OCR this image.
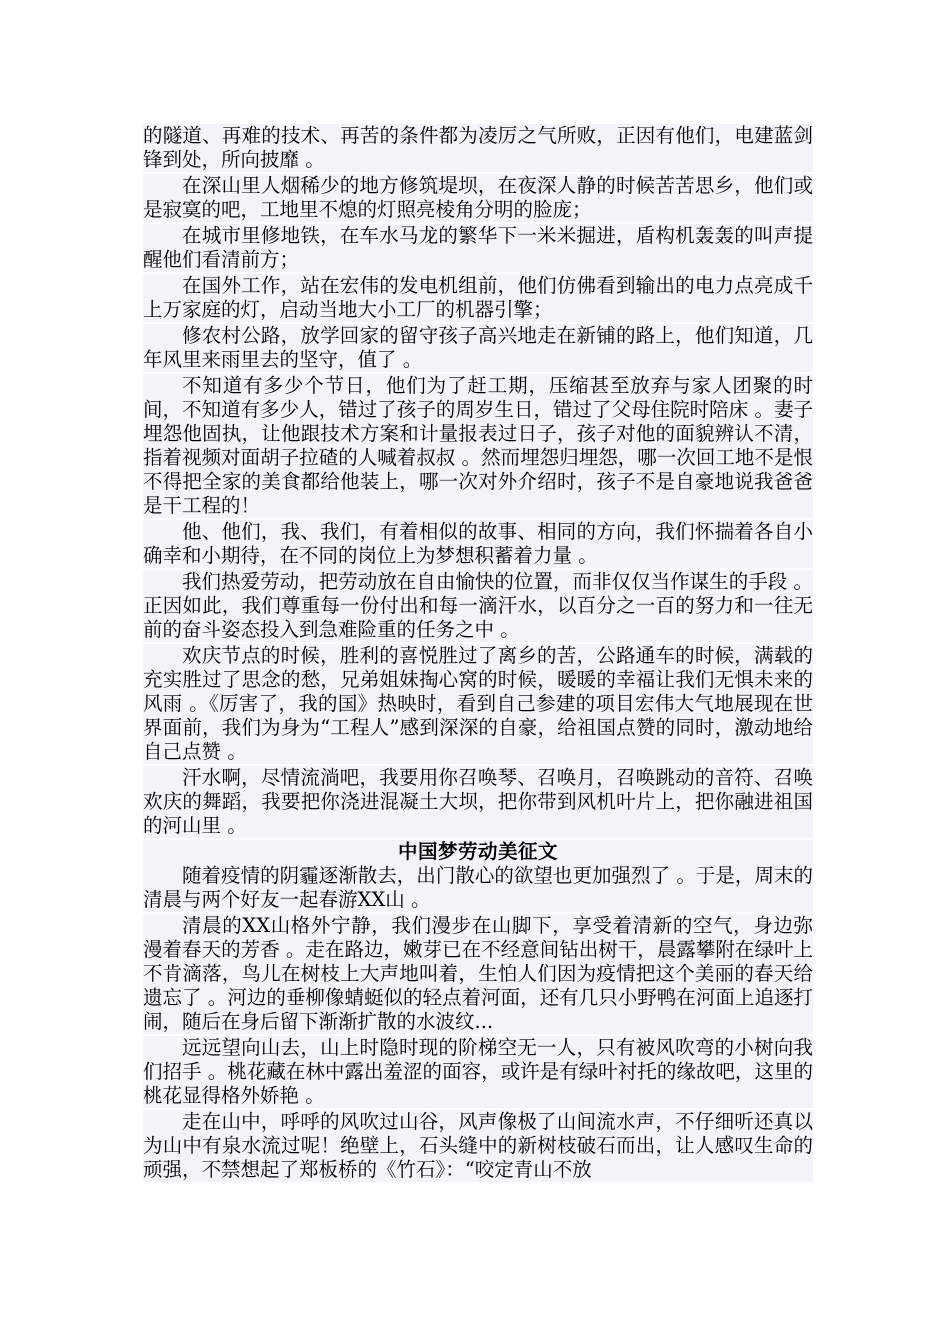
的隧道、再难的技术、再苦的条件都为凌厉之气所败，正因有他们，电建蓝剑锋到处，所向披靡 。

在深山里人烟稀少的地方修筑堤坝，在夜深人静的时候苦苦思乡，他们或是寂寞的吧，工地里不熄的灯照亮棱角分明的脸庞；

在城市里修地铁，在车水马龙的繁华下一米米掘进，盾构机轰轰的叫声提醒他们看清前方；

在国外工作，站在宏伟的发电机组前，他们仿佛看到输出的电力点亮成千上万家庭的灯，启动当地大小工厂的机器引擎；

修农村公路，放学回家的留守孩子高兴地走在新铺的路上，他们知道，几年风里来雨里去的坚守，值了 。

不知道有多少个节日，他们为了赶工期，压缩甚至放弃与家人团聚的时间，不知道有多少人，错过了孩子的周岁生日，错过了父母住院时陪床 。妻子埋怨他固执，让他跟技术方案和计量报表过日子，孩子对他的面貌辨认不清，指着视频对面胡子拉碴的人喊着叔叔 。然而埋怨归埋怨，哪一次回工地不是恨不得把全家的美食都给他装上，哪一次对外介绍时，孩子不是自豪地说我爸爸是干工程的！

他、他们，我、我们，有着相似的故事、相同的方向，我们怀揣着各自小确幸和小期待，在不同的岗位上为梦想积蓄着力量 。

我们热爱劳动，把劳动放在自由愉快的位置，而非仅仅当作谋生的手段 。正因如此，我们尊重每一份付出和每一滴汗水，以百分之一百的努力和一往无前的奋斗姿态投入到急难险重的任务之中 。

欢庆节点的时候，胜利的喜悦胜过了离乡的苦，公路通车的时候，满载的充实胜过了思念的愁，兄弟姐妹掏心窝的时候，暖暖的幸福让我们无惧未来的风雨 。《厉害了，我的国》热映时，看到自己参建的项目宏伟大气地展现在世界面前，我们为身为“工程人”感到深深的自豪，给祖国点赞的同时，激动地给自己点赞 。

汗水啊，尽情流淌吧，我要用你召唤琴、召唤月，召唤跳动的音符、召唤欢庆的舞蹈，我要把你浇进混凝土大坝，把你带到风机叶片上，把你融进祖国的河山里 。

中国梦劳动美征文

随着疫情的阴霾逐渐散去，出门散心的欲望也更加强烈了 。于是，周末的清晨与两个好友一起春游XX山 。

清晨的XX山格外宁静，我们漫步在山脚下，享受着清新的空气，身边弥漫着春天的芳香 。走在路边，嫩芽已在不经意间钻出树干，晨露攀附在绿叶上不肯滴落，鸟儿在树枝上大声地叫着，生怕人们因为疫情把这个美丽的春天给遗忘了 。河边的垂柳像蜻蜓似的轻点着河面，还有几只小野鸭在河面上追逐打闹，随后在身后留下渐渐扩散的水波纹...

远远望向山去，山上时隐时现的阶梯空无一人，只有被风吹弯的小树向我们招手 。桃花藏在林中露出羞涩的面容，或许是有绿叶衬托的缘故吧，这里的桃花显得格外娇艳 。

走在山中，呼呼的风吹过山谷，风声像极了山间流水声，不仔细听还真以为山中有泉水流过呢！绝壁上，石头缝中的新树枝破石而出，让人感叹生命的顽强，不禁想起了郑板桥的《竹石》：“咬定青山不放
